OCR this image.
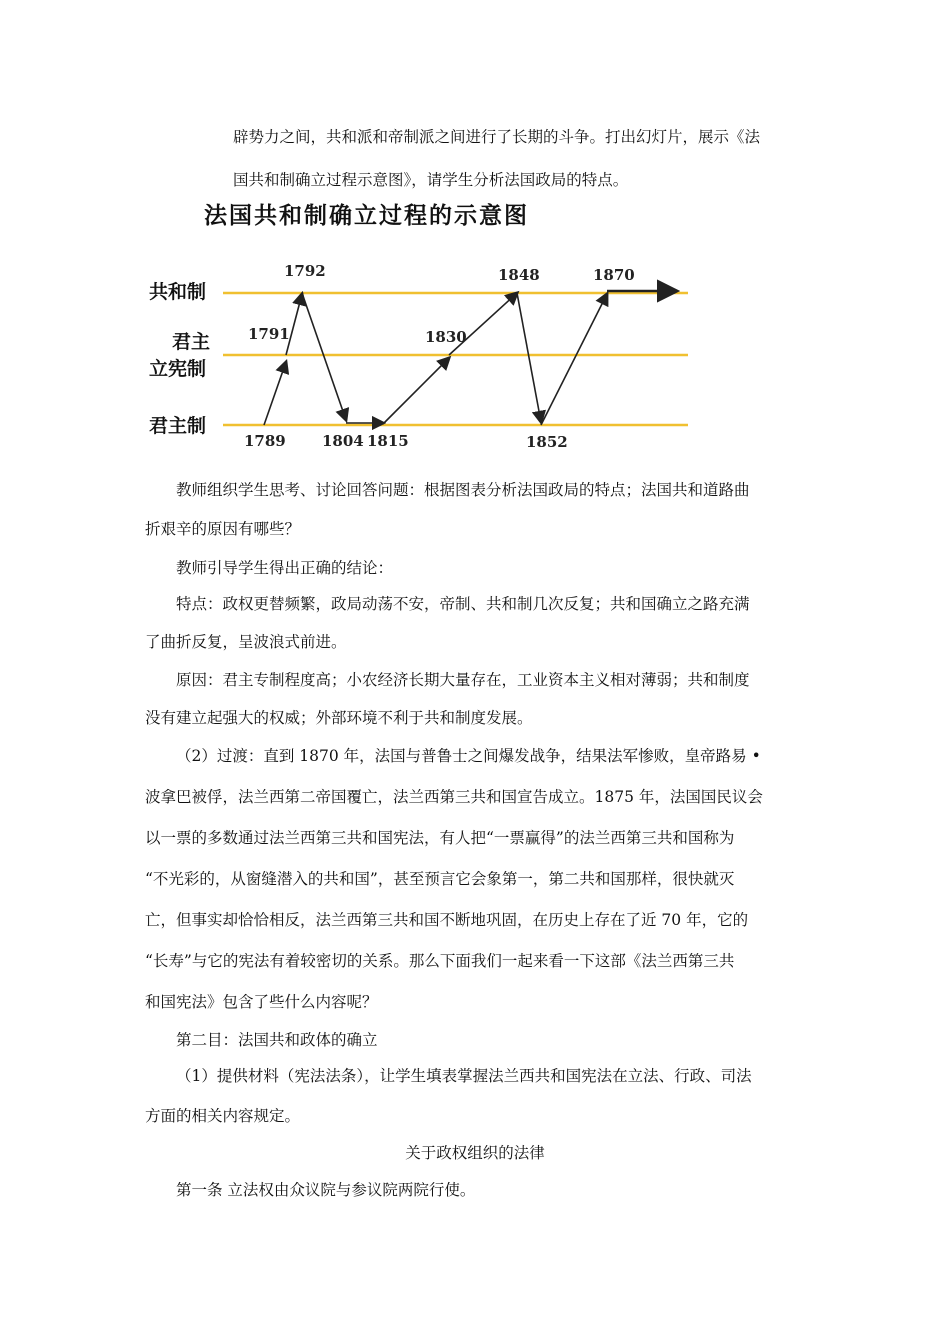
辟势力之间，共和派和帝制派之间进行了长期的斗争。打出幻灯片，展示《法
国共和制确立过程示意图》，请学生分析法国政局的特点。
法国共和制确立过程的示意图
共和制
君主
立宪制
君主制
1789
1791
1792
1804 1815
1830
1848
1852
1870
教师组织学生思考、讨论回答问题：根据图表分析法国政局的特点；法国共和道路曲
折艰辛的原因有哪些？
教师引导学生得出正确的结论：
特点：政权更替频繁，政局动荡不安，帝制、共和制几次反复；共和国确立之路充满
了曲折反复，呈波浪式前进。
原因：君主专制程度高；小农经济长期大量存在，工业资本主义相对薄弱；共和制度
没有建立起强大的权威；外部环境不利于共和制度发展。
（2）过渡：直到 1870 年，法国与普鲁士之间爆发战争，结果法军惨败，皇帝路易 •
波拿巴被俘，法兰西第二帝国覆亡，法兰西第三共和国宣告成立。1875 年，法国国民议会
以一票的多数通过法兰西第三共和国宪法，有人把“一票赢得”的法兰西第三共和国称为
“不光彩的，从窗缝潜入的共和国”，甚至预言它会象第一，第二共和国那样，很快就灭
亡，但事实却恰恰相反，法兰西第三共和国不断地巩固，在历史上存在了近 70 年，它的
“长寿”与它的宪法有着较密切的关系。那么下面我们一起来看一下这部《法兰西第三共
和国宪法》包含了些什么内容呢？
第二目：法国共和政体的确立
（1）提供材料（宪法法条），让学生填表掌握法兰西共和国宪法在立法、行政、司法
方面的相关内容规定。
关于政权组织的法律
第一条 立法权由众议院与参议院两院行使。
